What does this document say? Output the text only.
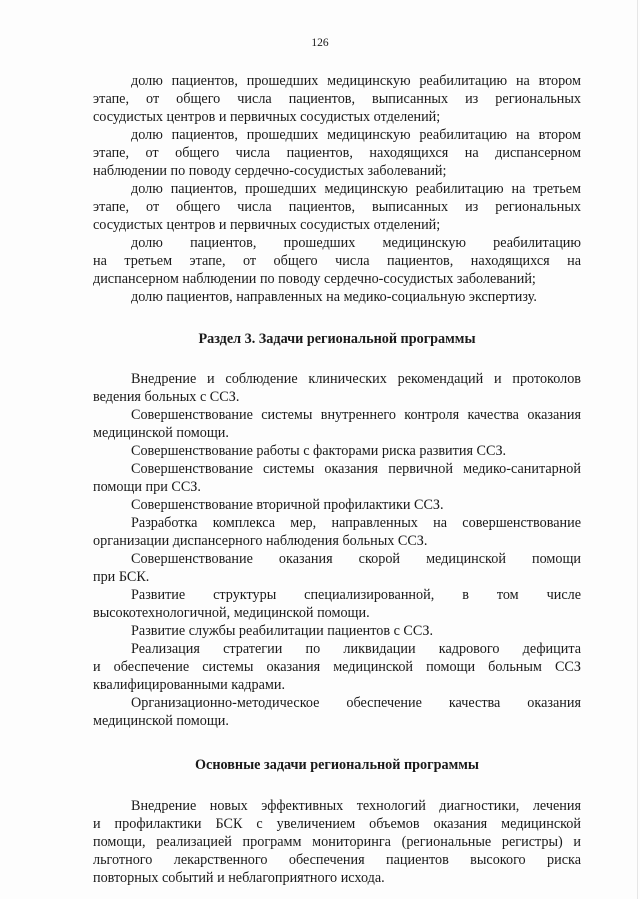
126
долю пациентов, прошедших медицинскую реабилитацию на втором
этапе, от общего числа пациентов, выписанных из региональных
сосудистых центров и первичных сосудистых отделений;
долю пациентов, прошедших медицинскую реабилитацию на втором
этапе, от общего числа пациентов, находящихся на диспансерном
наблюдении по поводу сердечно-сосудистых заболеваний;
долю пациентов, прошедших медицинскую реабилитацию на третьем
этапе, от общего числа пациентов, выписанных из региональных
сосудистых центров и первичных сосудистых отделений;
долю пациентов, прошедших медицинскую реабилитацию
на третьем этапе, от общего числа пациентов, находящихся на
диспансерном наблюдении по поводу сердечно-сосудистых заболеваний;
долю пациентов, направленных на медико-социальную экспертизу.
Раздел 3. Задачи региональной программы
Внедрение и соблюдение клинических рекомендаций и протоколов
ведения больных с ССЗ.
Совершенствование системы внутреннего контроля качества оказания
медицинской помощи.
Совершенствование работы с факторами риска развития ССЗ.
Совершенствование системы оказания первичной медико-санитарной
помощи при ССЗ.
Совершенствование вторичной профилактики ССЗ.
Разработка комплекса мер, направленных на совершенствование
организации диспансерного наблюдения больных ССЗ.
Совершенствование оказания скорой медицинской помощи
при БСК.
Развитие структуры специализированной, в том числе
высокотехнологичной, медицинской помощи.
Развитие службы реабилитации пациентов с ССЗ.
Реализация стратегии по ликвидации кадрового дефицита
и обеспечение системы оказания медицинской помощи больным ССЗ
квалифицированными кадрами.
Организационно-методическое обеспечение качества оказания
медицинской помощи.
Основные задачи региональной программы
Внедрение новых эффективных технологий диагностики, лечения
и профилактики БСК с увеличением объемов оказания медицинской
помощи, реализацией программ мониторинга (региональные регистры) и
льготного лекарственного обеспечения пациентов высокого риска
повторных событий и неблагоприятного исхода.
